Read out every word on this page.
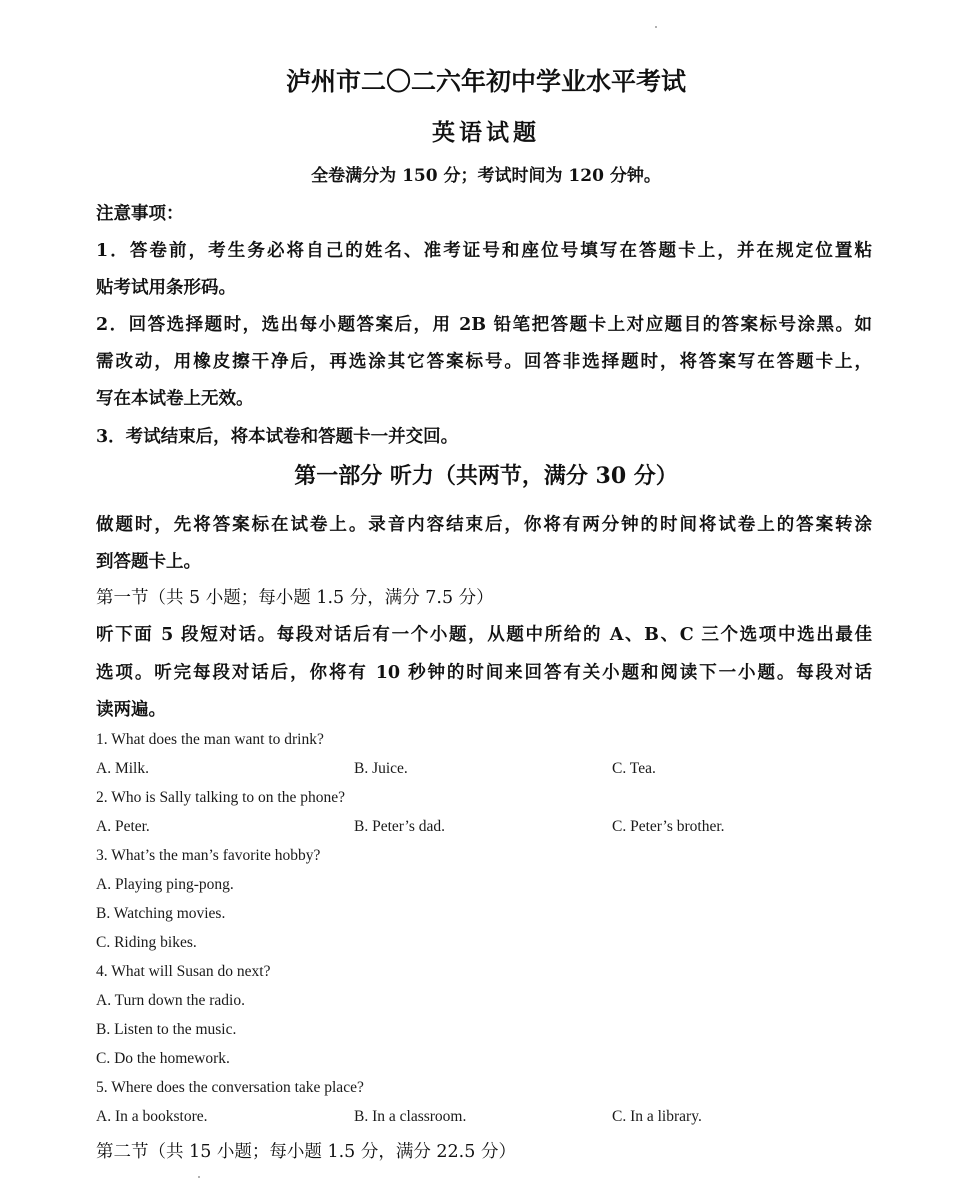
泸州市二〇二六年初中学业水平考试
英语试题
全卷满分为 150 分；考试时间为 120 分钟。
注意事项：
1．答卷前，考生务必将自己的姓名、准考证号和座位号填写在答题卡上，并在规定位置粘
贴考试用条形码。
2．回答选择题时，选出每小题答案后，用 2B 铅笔把答题卡上对应题目的答案标号涂黑。如
需改动，用橡皮擦干净后，再选涂其它答案标号。回答非选择题时，将答案写在答题卡上，
写在本试卷上无效。
3．考试结束后，将本试卷和答题卡一并交回。
第一部分 听力（共两节，满分 30 分）
做题时，先将答案标在试卷上。录音内容结束后，你将有两分钟的时间将试卷上的答案转涂
到答题卡上。
第一节（共 5 小题；每小题 1.5 分，满分 7.5 分）
听下面 5 段短对话。每段对话后有一个小题，从题中所给的 A、B、C 三个选项中选出最佳
选项。听完每段对话后，你将有 10 秒钟的时间来回答有关小题和阅读下一小题。每段对话
读两遍。
1. What does the man want to drink?
A. Milk.	B. Juice.	C. Tea.
2. Who is Sally talking to on the phone?
A. Peter.	B. Peter’s dad.	C. Peter’s brother.
3. What’s the man’s favorite hobby?
A. Playing ping-pong.
B. Watching movies.
C. Riding bikes.
4. What will Susan do next?
A. Turn down the radio.
B. Listen to the music.
C. Do the homework.
5. Where does the conversation take place?
A. In a bookstore.	B. In a classroom.	C. In a library.
第二节（共 15 小题；每小题 1.5 分，满分 22.5 分）
